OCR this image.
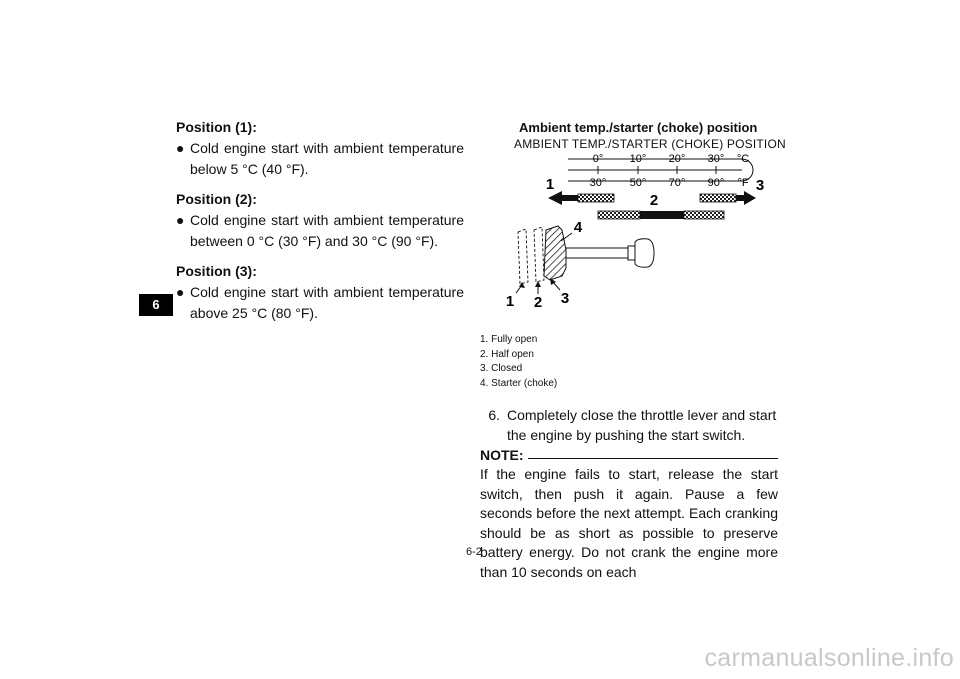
6
Position (1):
● Cold engine start with ambient temperature below 5 °C (40 °F).
Position (2):
● Cold engine start with ambient temperature between 0 °C (30 °F) and 30 °C (90 °F).
Position (3):
● Cold engine start with ambient temperature above 25 °C (80 °F).
Ambient temp./starter (choke) position
AMBIENT TEMP./STARTER (CHOKE) POSITION
0° 10° 20° 30° °C
30° 50° 70° 90° °F
1	3
2
4
1 2 3
1. Fully open
2. Half open
3. Closed
4. Starter (choke)
6. Completely close the throttle lever and start the engine by pushing the start switch.
NOTE:
If the engine fails to start, release the start switch, then push it again. Pause a few seconds before the next attempt. Each cranking should be as short as possible to preserve battery energy. Do not crank the engine more than 10 seconds on each
6-2
carmanualsonline.info
